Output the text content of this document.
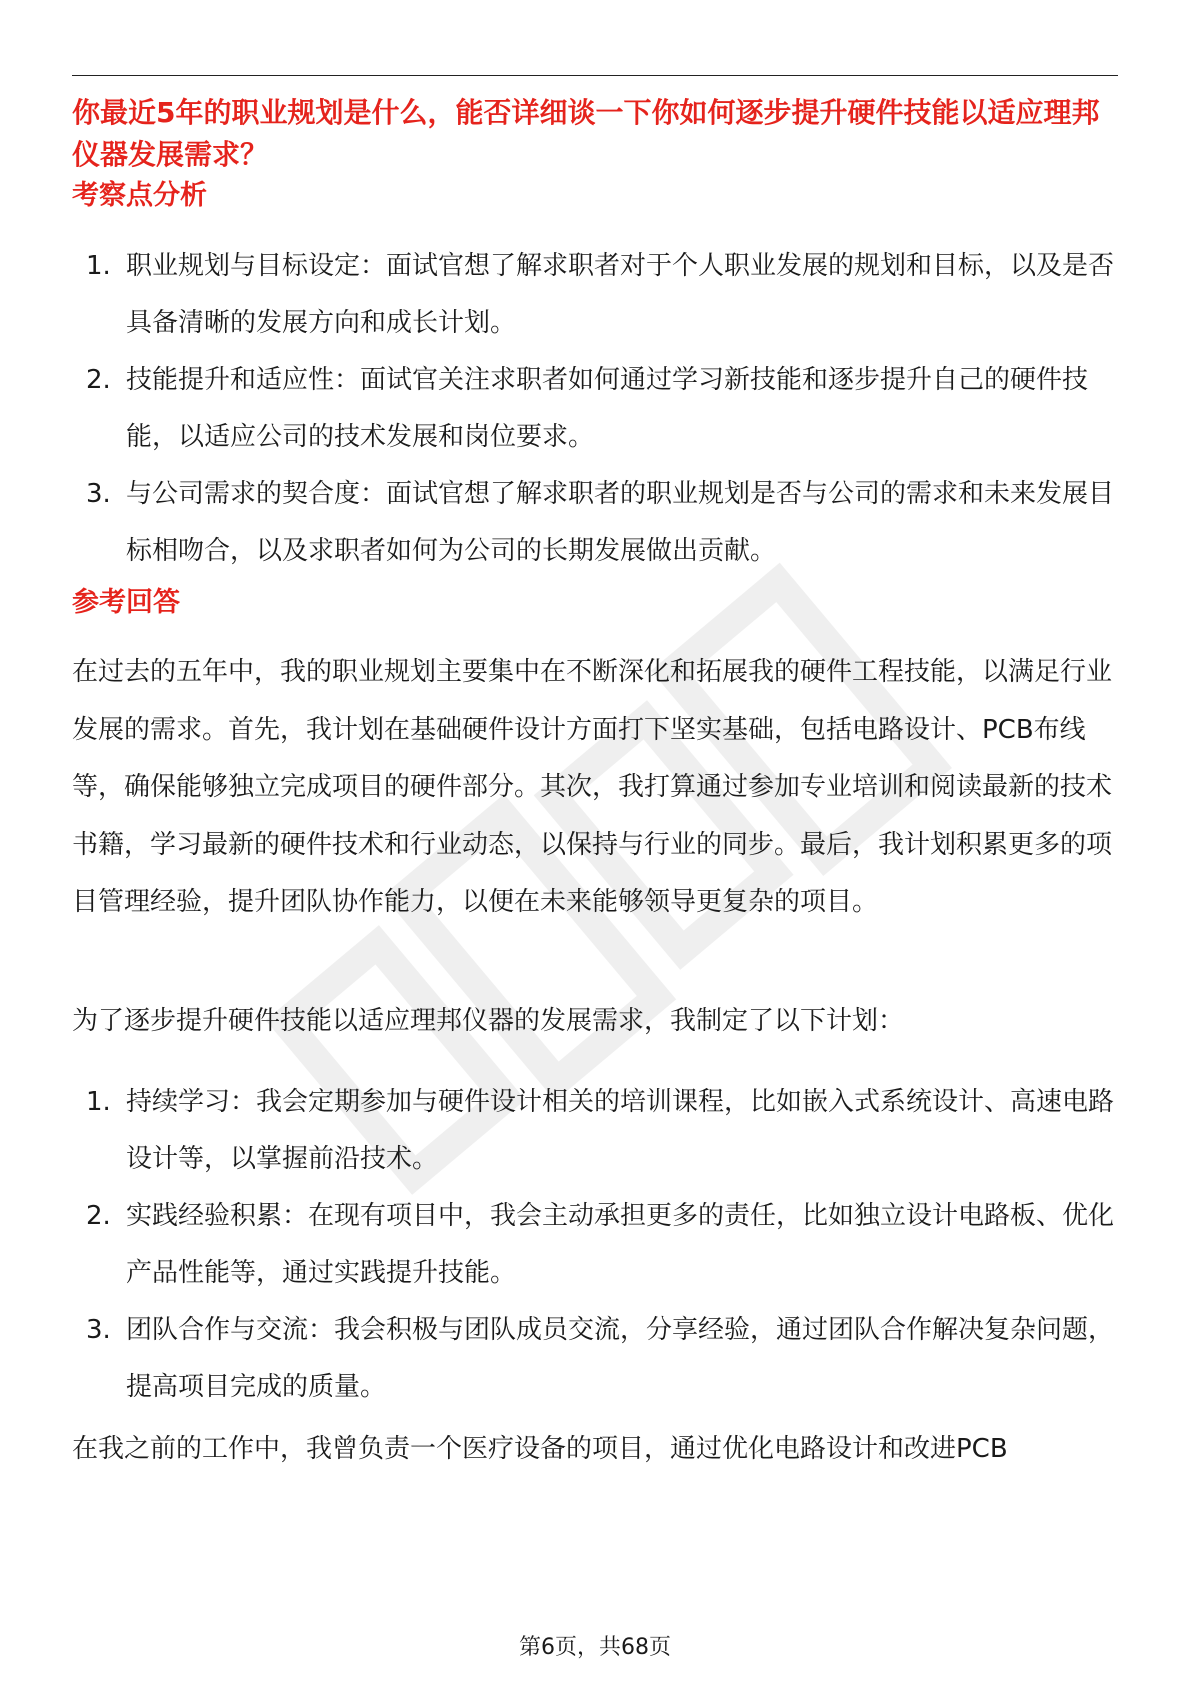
你最近5年的职业规划是什么，能否详细谈一下你如何逐步提升硬件技能以适应理邦仪器发展需求？
考察点分析
1. 职业规划与目标设定：面试官想了解求职者对于个人职业发展的规划和目标，以及是否具备清晰的发展方向和成长计划。
2. 技能提升和适应性：面试官关注求职者如何通过学习新技能和逐步提升自己的硬件技能，以适应公司的技术发展和岗位要求。
3. 与公司需求的契合度：面试官想了解求职者的职业规划是否与公司的需求和未来发展目标相吻合，以及求职者如何为公司的长期发展做出贡献。
参考回答

在过去的五年中，我的职业规划主要集中在不断深化和拓展我的硬件工程技能，以满足行业发展的需求。首先，我计划在基础硬件设计方面打下坚实基础，包括电路设计、PCB布线等，确保能够独立完成项目的硬件部分。其次，我打算通过参加专业培训和阅读最新的技术书籍，学习最新的硬件技术和行业动态，以保持与行业的同步。最后，我计划积累更多的项目管理经验，提升团队协作能力，以便在未来能够领导更复杂的项目。

为了逐步提升硬件技能以适应理邦仪器的发展需求，我制定了以下计划：

1. 持续学习：我会定期参加与硬件设计相关的培训课程，比如嵌入式系统设计、高速电路设计等，以掌握前沿技术。
2. 实践经验积累：在现有项目中，我会主动承担更多的责任，比如独立设计电路板、优化产品性能等，通过实践提升技能。
3. 团队合作与交流：我会积极与团队成员交流，分享经验，通过团队合作解决复杂问题，提高项目完成的质量。

在我之前的工作中，我曾负责一个医疗设备的项目，通过优化电路设计和改进PCB

第6页，共68页
